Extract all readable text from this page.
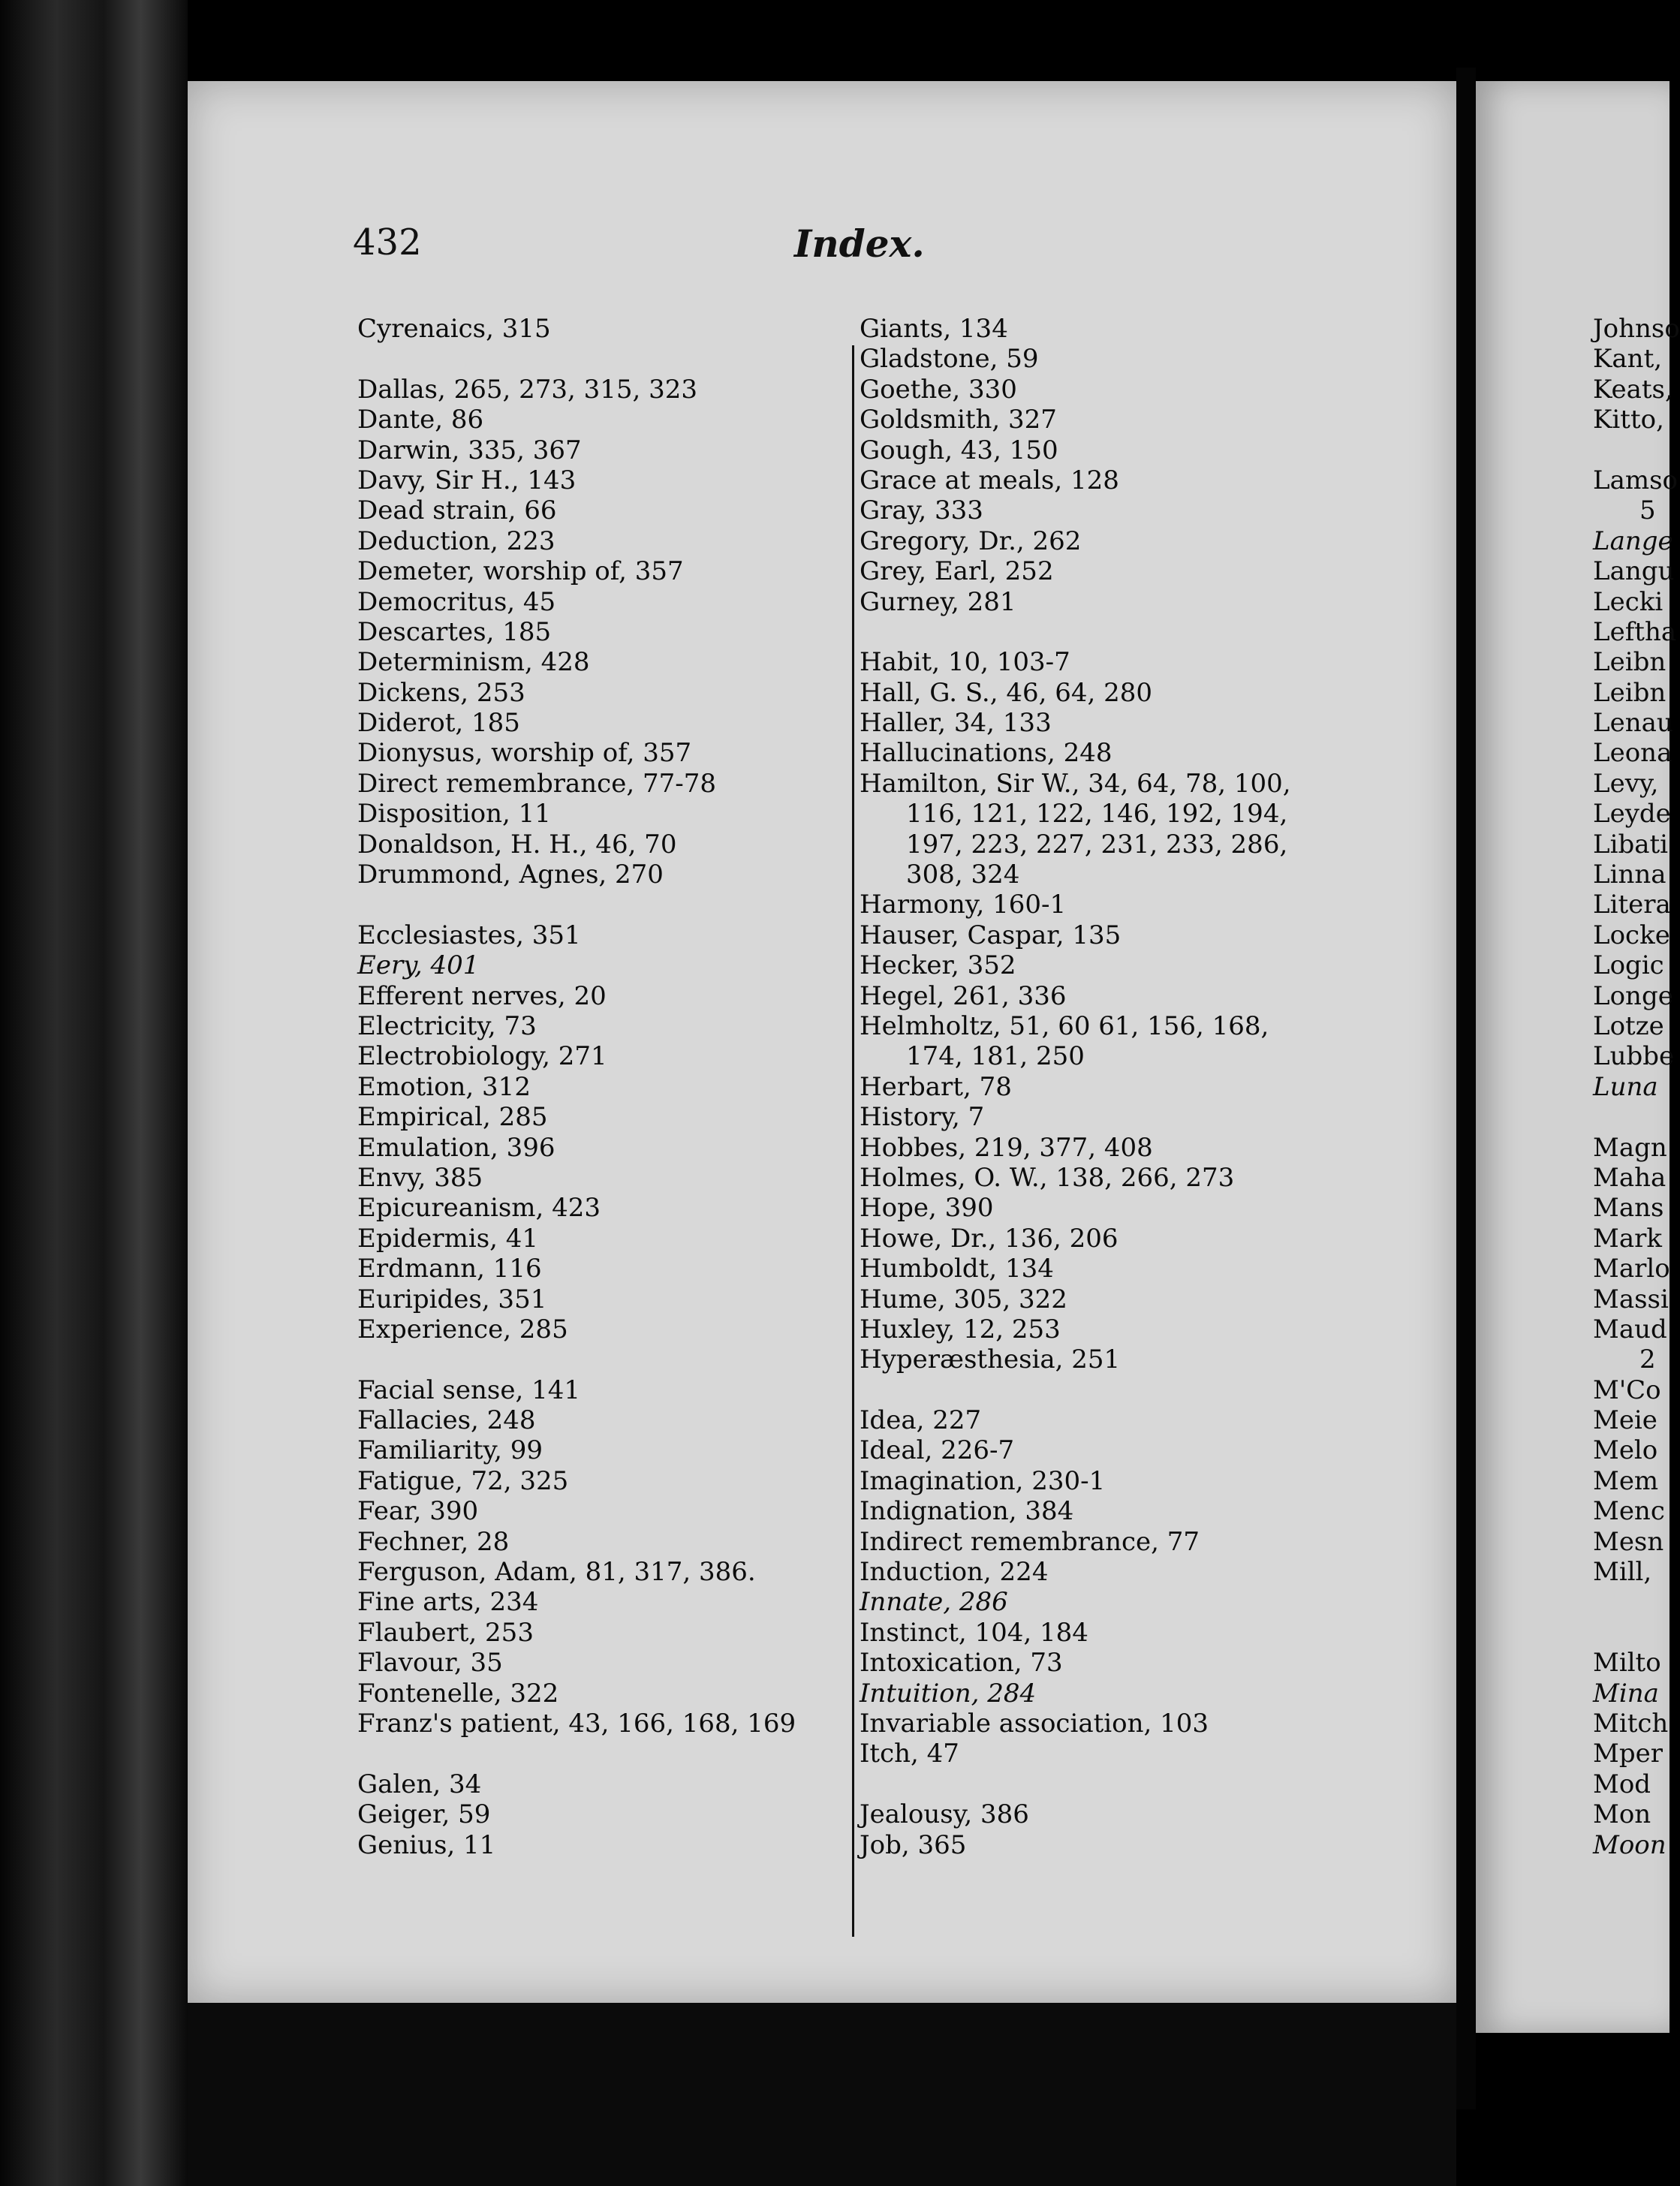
432	Index.
Cyrenaics, 315
Dallas, 265, 273, 315, 323
Dante, 86
Darwin, 335, 367
Davy, Sir H., 143
Dead strain, 66
Deduction, 223
Demeter, worship of, 357
Democritus, 45
Descartes, 185
Determinism, 428
Dickens, 253
Diderot, 185
Dionysus, worship of, 357
Direct remembrance, 77-78
Disposition, 11
Donaldson, H. H., 46, 70
Drummond, Agnes, 270
Ecclesiastes, 351
Eery, 401
Efferent nerves, 20
Electricity, 73
Electrobiology, 271
Emotion, 312
Empirical, 285
Emulation, 396
Envy, 385
Epicureanism, 423
Epidermis, 41
Erdmann, 116
Euripides, 351
Experience, 285
Facial sense, 141
Fallacies, 248
Familiarity, 99
Fatigue, 72, 325
Fear, 390
Fechner, 28
Ferguson, Adam, 81, 317, 386.
Fine arts, 234
Flaubert, 253
Flavour, 35
Fontenelle, 322
Franz's patient, 43, 166, 168, 169
Galen, 34
Geiger, 59
Genius, 11
Giants, 134
Gladstone, 59
Goethe, 330
Goldsmith, 327
Gough, 43, 150
Grace at meals, 128
Gray, 333
Gregory, Dr., 262
Grey, Earl, 252
Gurney, 281
Habit, 10, 103-7
Hall, G. S., 46, 64, 280
Haller, 34, 133
Hallucinations, 248
Hamilton, Sir W., 34, 64, 78, 100,
116, 121, 122, 146, 192, 194,
197, 223, 227, 231, 233, 286,
308, 324
Harmony, 160-1
Hauser, Caspar, 135
Hecker, 352
Hegel, 261, 336
Helmholtz, 51, 60 61, 156, 168,
174, 181, 250
Herbart, 78
History, 7
Hobbes, 219, 377, 408
Holmes, O. W., 138, 266, 273
Hope, 390
Howe, Dr., 136, 206
Humboldt, 134
Hume, 305, 322
Huxley, 12, 253
Hyperæsthesia, 251
Idea, 227
Ideal, 226-7
Imagination, 230-1
Indignation, 384
Indirect remembrance, 77
Induction, 224
Innate, 286
Instinct, 104, 184
Intoxication, 73
Intuition, 284
Invariable association, 103
Itch, 47
Jealousy, 386
Job, 365
Johnso
Kant,
Keats,
Kitto,
Lamso
5
Lange
Langu
Lecki
Leftha
Leibn
Leibn
Lenau
Leona
Levy,
Leyde
Libati
Linna
Litera
Locke
Logic
Longe
Lotze
Lubbe
Luna
Magn
Maha
Mans
Mark
Marlo
Massi
Maud
2
M'Co
Meie
Melo
Mem
Menc
Mesn
Mill,
Milto
Mina
Mitch
Mper
Mod
Mon
Moon
